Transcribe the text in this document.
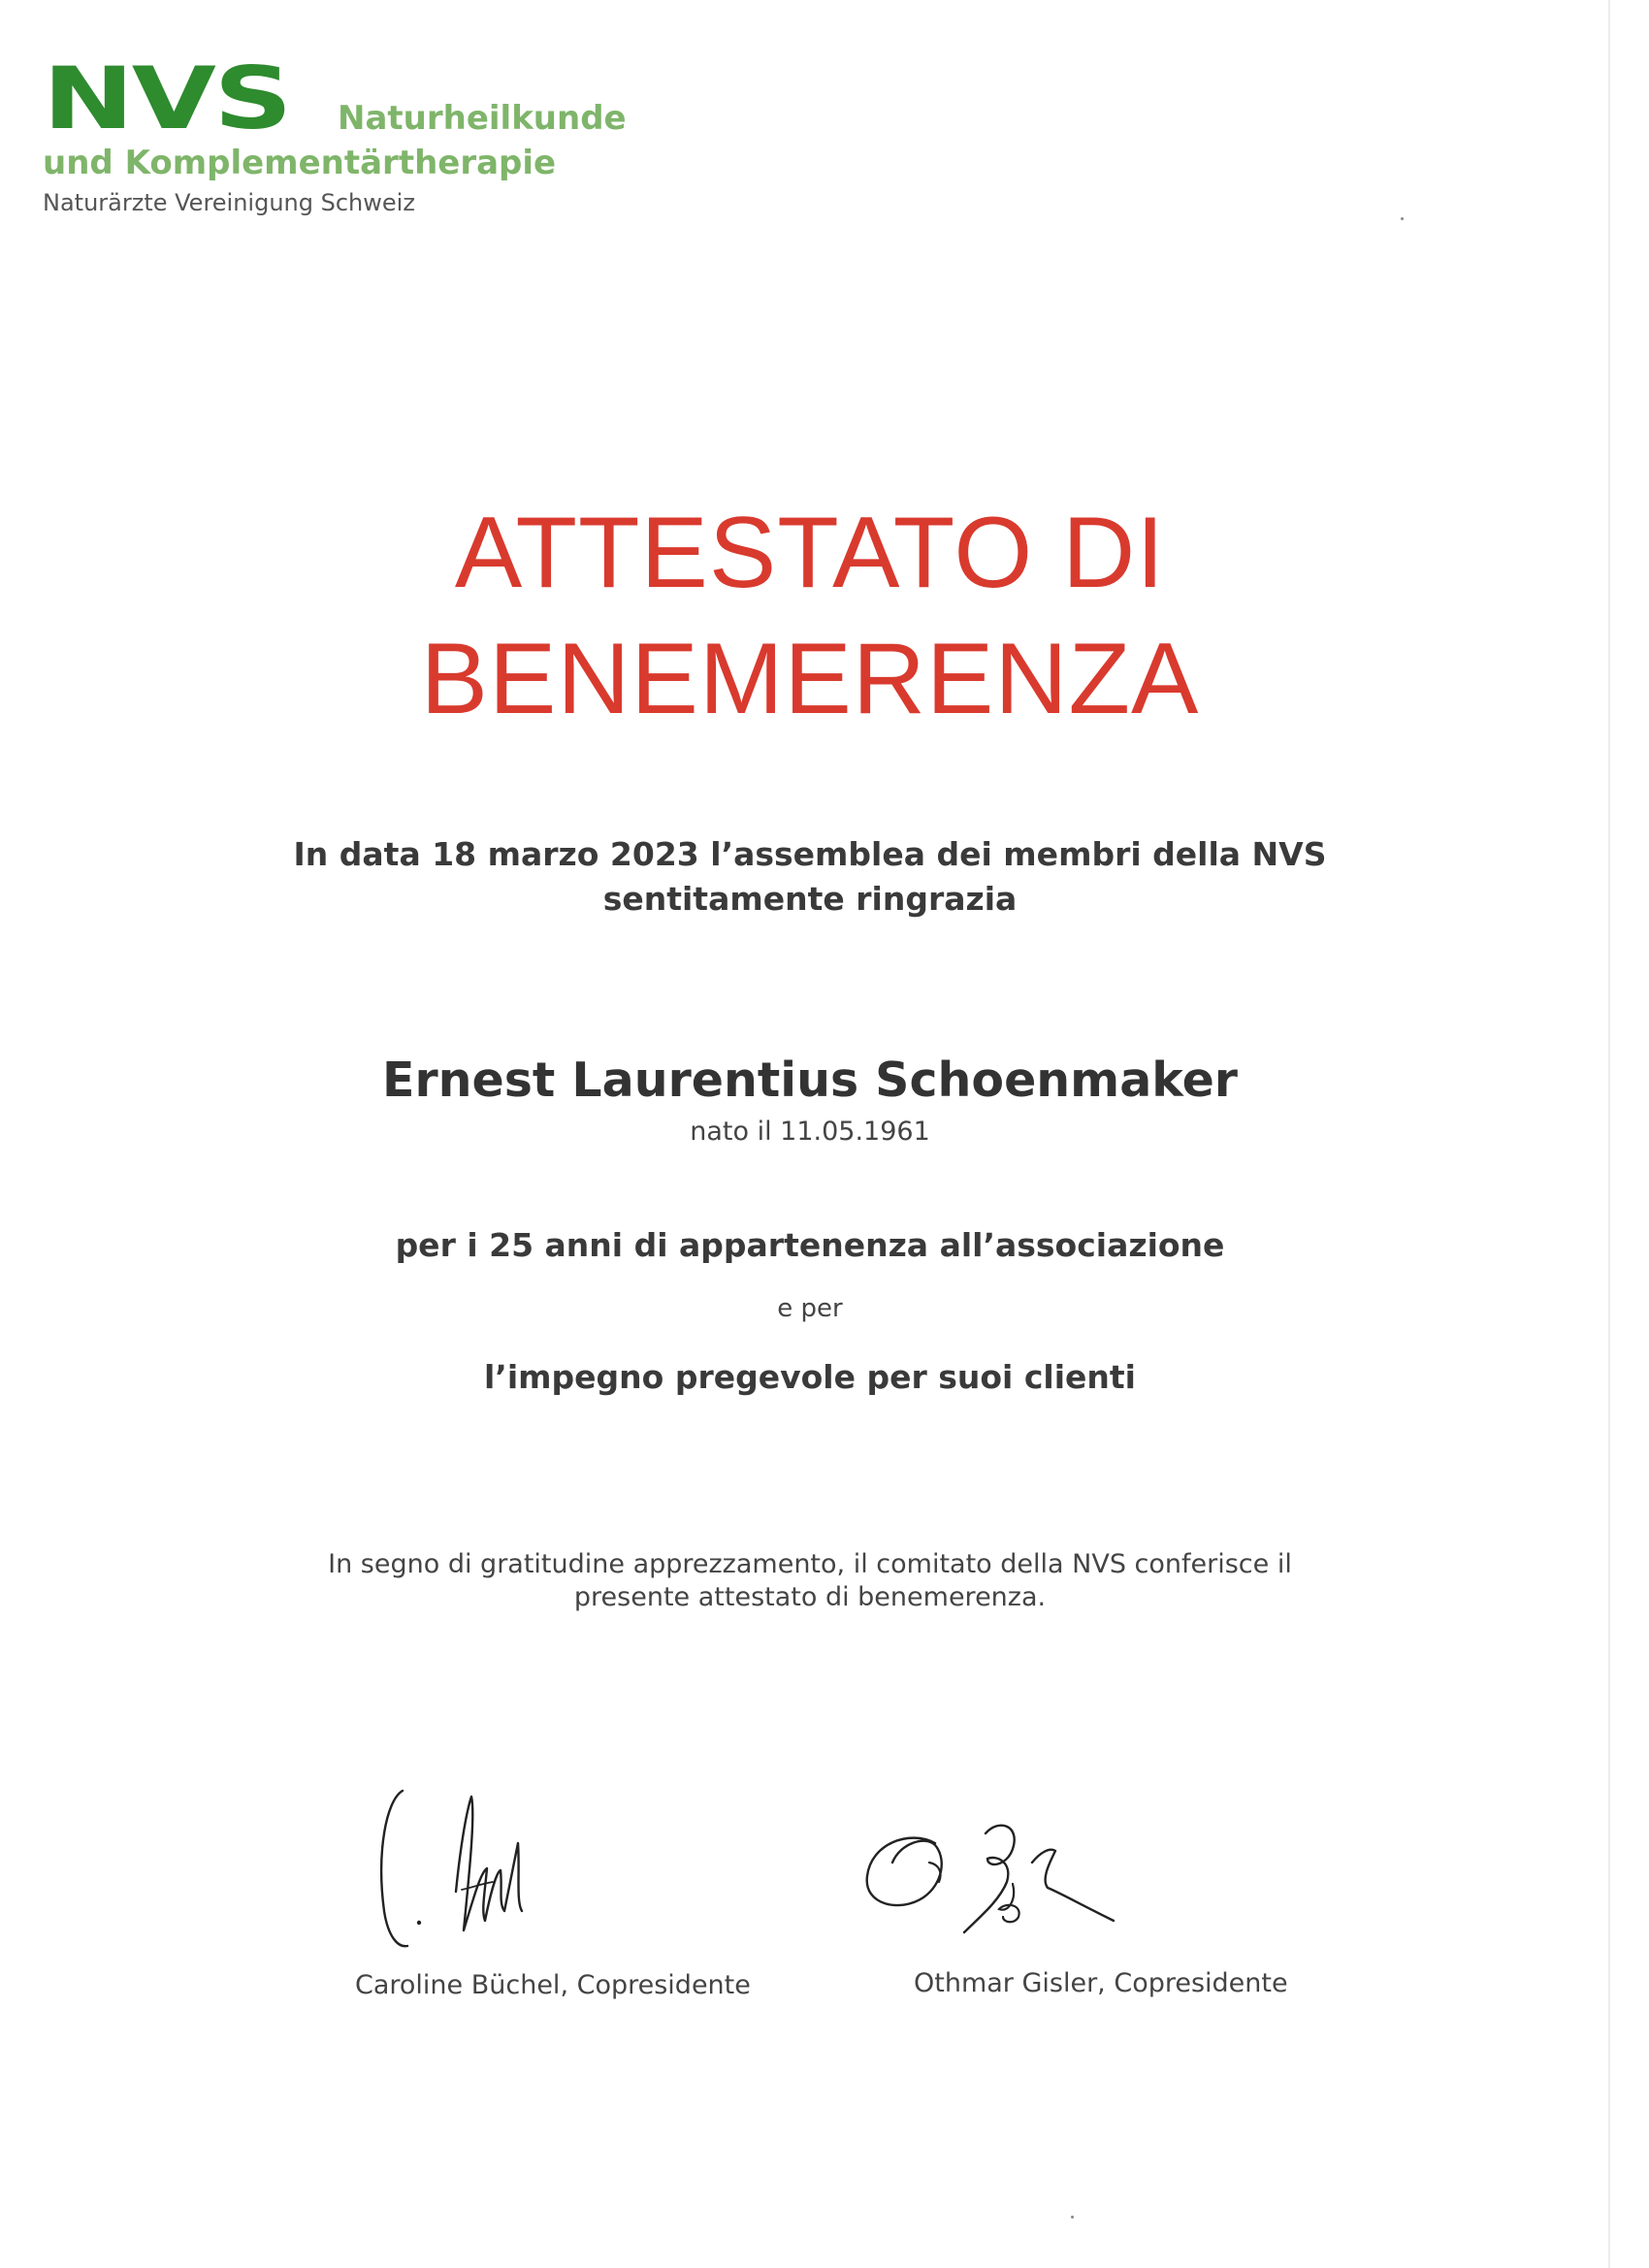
NVS Naturheilkunde
und Komplementärtherapie
Naturärzte Vereinigung Schweiz
ATTESTATO DI
BENEMERENZA
In data 18 marzo 2023 l’assemblea dei membri della NVS
sentitamente ringrazia
Ernest Laurentius Schoenmaker
nato il 11.05.1961
per i 25 anni di appartenenza all’associazione
e per
l’impegno pregevole per suoi clienti
In segno di gratitudine apprezzamento, il comitato della NVS conferisce il
presente attestato di benemerenza.
Caroline Büchel, Copresidente	Othmar Gisler, Copresidente
